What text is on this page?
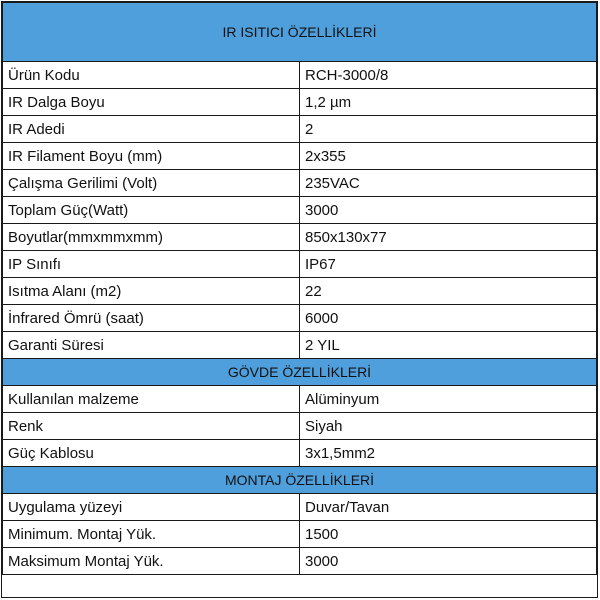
IR ISITICI ÖZELLİKLERİ	
Ürün Kodu	RCH-3000/8
IR Dalga Boyu	1,2 µm
IR Adedi	2
IR Filament Boyu (mm)	2x355
Çalışma Gerilimi (Volt)	235VAC
Toplam Güç(Watt)	3000
Boyutlar(mmxmmxmm)	850x130x77
IP Sınıfı	IP67
Isıtma Alanı (m2)	22
İnfrared Ömrü (saat)	6000
Garanti Süresi	2 YIL
GÖVDE ÖZELLİKLERİ	
Kullanılan malzeme	Alüminyum
Renk	Siyah
Güç Kablosu	3x1,5mm2
MONTAJ ÖZELLİKLERİ	
Uygulama yüzeyi	Duvar/Tavan
Minimum. Montaj Yük.	1500
Maksimum Montaj Yük.	3000
